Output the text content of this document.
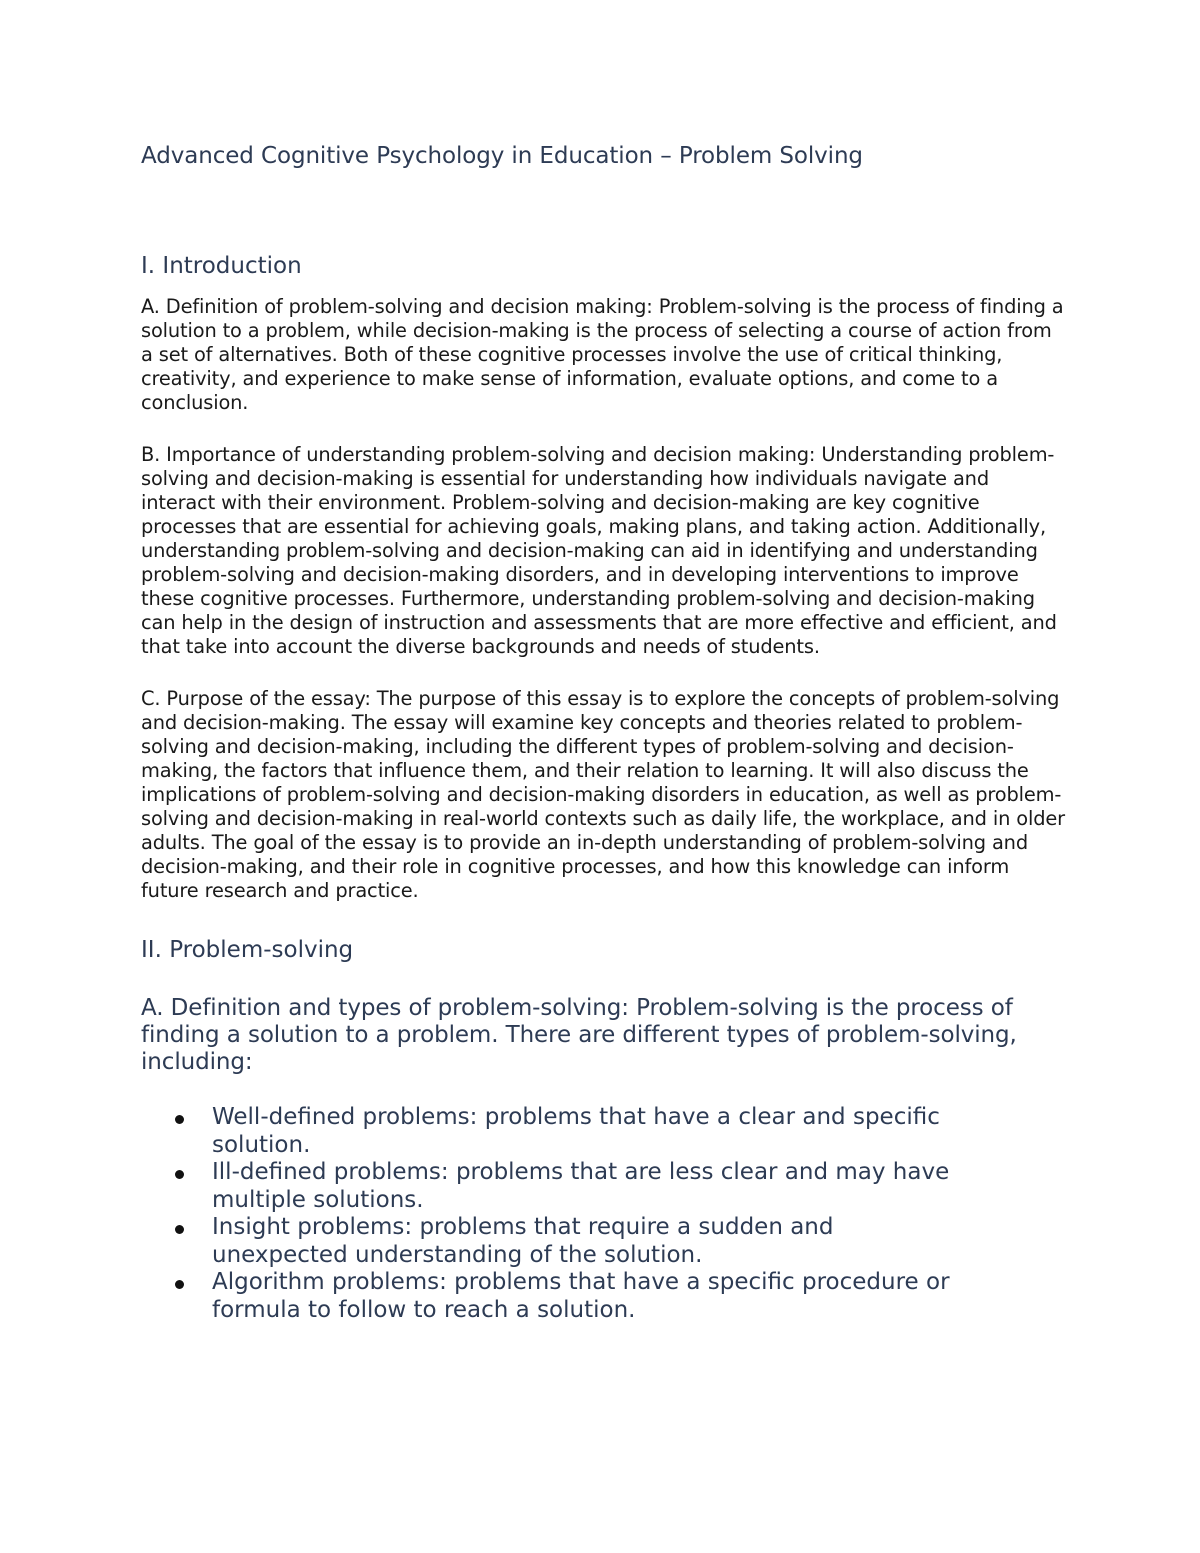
Advanced Cognitive Psychology in Education – Problem Solving
I. Introduction

A. Definition of problem-solving and decision making: Problem-solving is the process of finding a solution to a problem, while decision-making is the process of selecting a course of action from a set of alternatives. Both of these cognitive processes involve the use of critical thinking, creativity, and experience to make sense of information, evaluate options, and come to a conclusion.

B. Importance of understanding problem-solving and decision making: Understanding problem-solving and decision-making is essential for understanding how individuals navigate and interact with their environment. Problem-solving and decision-making are key cognitive processes that are essential for achieving goals, making plans, and taking action. Additionally, understanding problem-solving and decision-making can aid in identifying and understanding problem-solving and decision-making disorders, and in developing interventions to improve these cognitive processes. Furthermore, understanding problem-solving and decision-making can help in the design of instruction and assessments that are more effective and efficient, and that take into account the diverse backgrounds and needs of students.

C. Purpose of the essay: The purpose of this essay is to explore the concepts of problem-solving and decision-making. The essay will examine key concepts and theories related to problem-solving and decision-making, including the different types of problem-solving and decision-making, the factors that influence them, and their relation to learning. It will also discuss the implications of problem-solving and decision-making disorders in education, as well as problem-solving and decision-making in real-world contexts such as daily life, the workplace, and in older adults. The goal of the essay is to provide an in-depth understanding of problem-solving and decision-making, and their role in cognitive processes, and how this knowledge can inform future research and practice.

II. Problem-solving

A. Definition and types of problem-solving: Problem-solving is the process of finding a solution to a problem. There are different types of problem-solving, including:

Well-defined problems: problems that have a clear and specific solution.
Ill-defined problems: problems that are less clear and may have multiple solutions.
Insight problems: problems that require a sudden and unexpected understanding of the solution.
Algorithm problems: problems that have a specific procedure or formula to follow to reach a solution.
